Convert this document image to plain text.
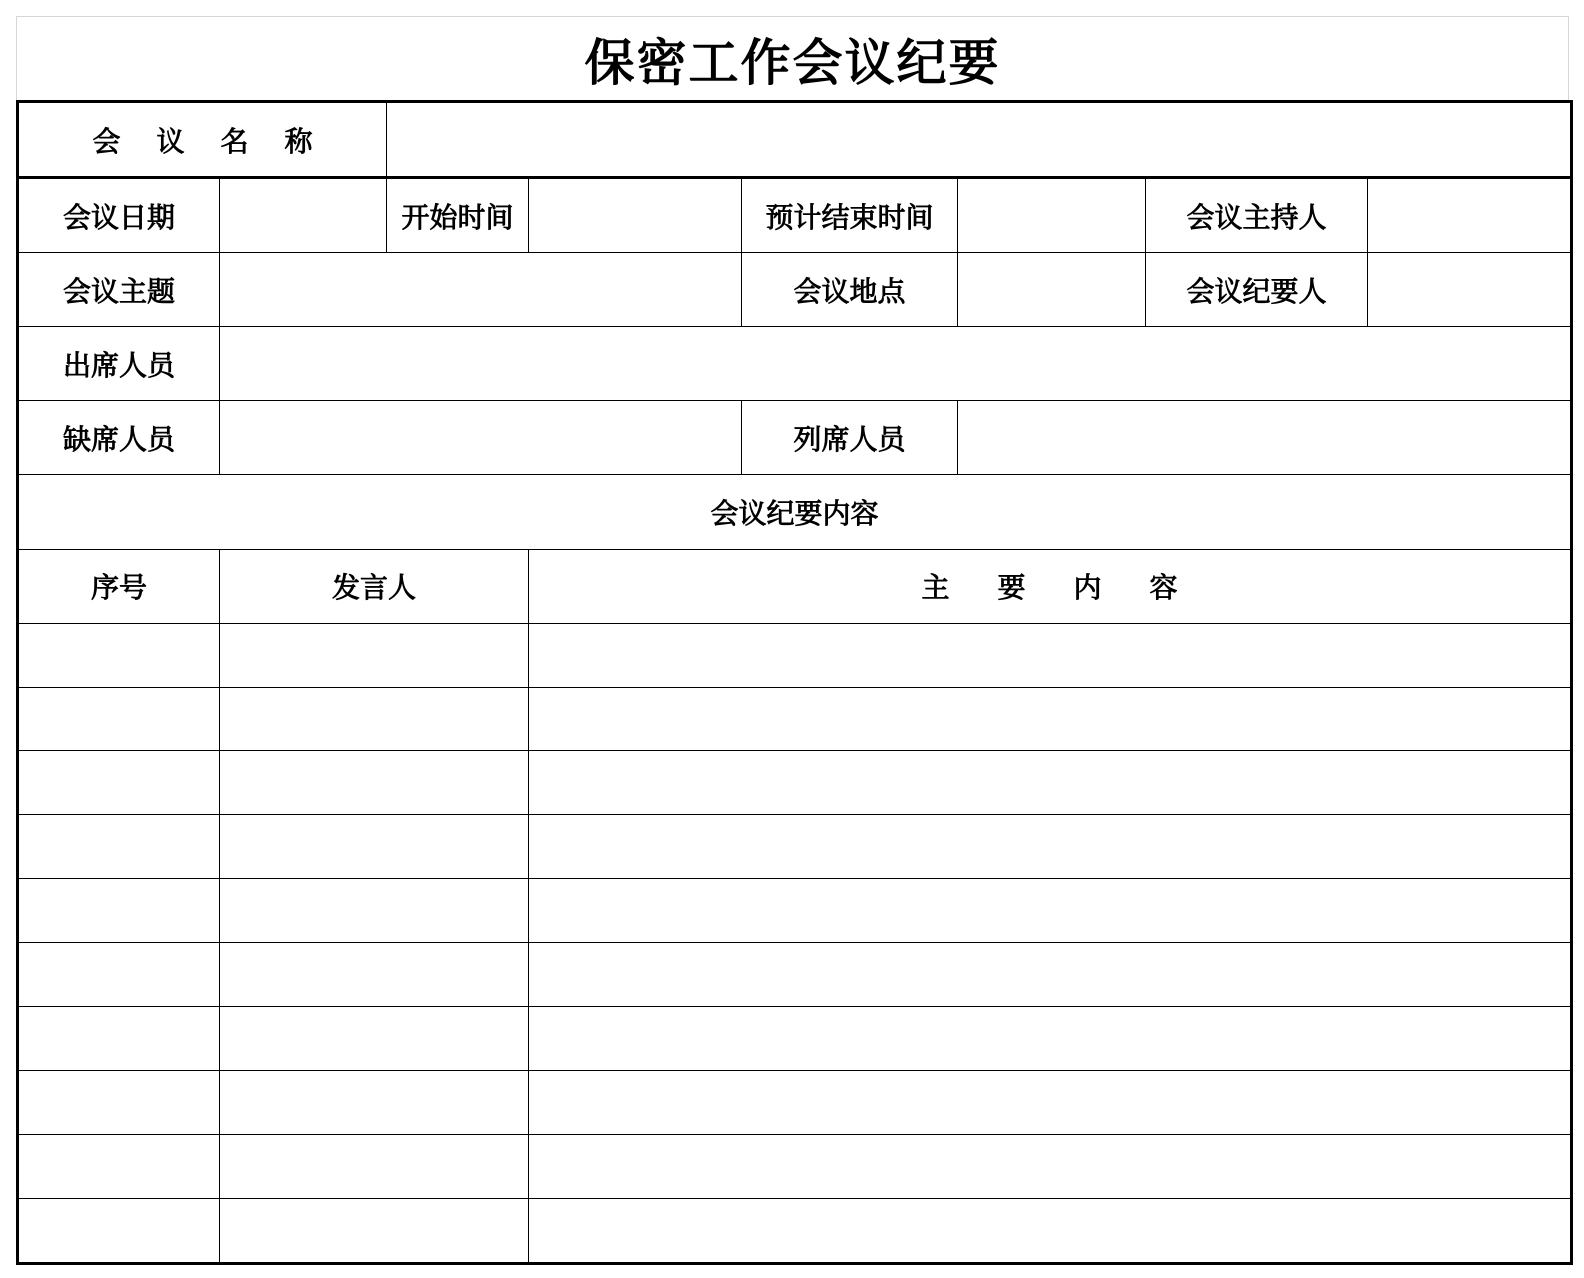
保密工作会议纪要
会议名称							
会议日期		开始时间		预计结束时间		会议主持人	
会议主题				会议地点		会议纪要人	
出席人员							
缺席人员				列席人员			
会议纪要内容							
序号	发言人		主要内容				
